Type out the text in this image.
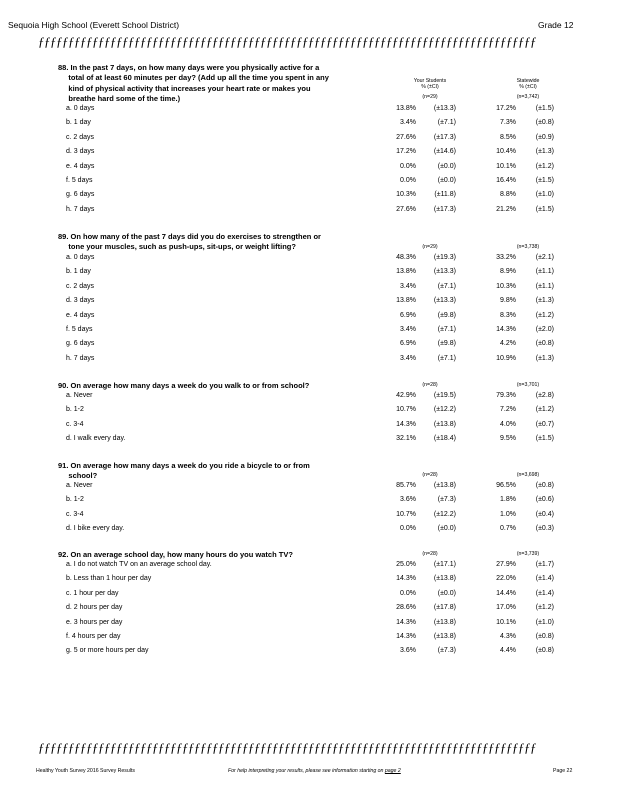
Sequoia High School (Everett School District)	Grade 12
ƒƒƒƒƒƒƒƒƒƒƒƒƒƒƒƒƒƒƒƒƒƒƒƒƒƒƒƒƒƒƒƒƒƒƒƒƒƒƒƒƒƒƒƒƒƒƒƒƒƒƒƒƒƒƒƒƒƒƒƒƒƒƒƒƒƒƒƒƒƒƒƒƒƒƒƒƒƒƒƒƒƒƒ
Your Students
% (±CI)
Statewide
% (±CI)
88. In the past 7 days, on how many days were you physically active for a
total of at least 60 minutes per day? (Add up all the time you spent in any
kind of physical activity that increases your heart rate or makes you
breathe hard some of the time.)	(n=29)	(n=3,742)
a. 0 days	13.8%	(±13.3)	17.2%	(±1.5)
b. 1 day	3.4%	(±7.1)	7.3%	(±0.8)
c. 2 days	27.6%	(±17.3)	8.5%	(±0.9)
d. 3 days	17.2%	(±14.6)	10.4%	(±1.3)
e. 4 days	0.0%	(±0.0)	10.1%	(±1.2)
f. 5 days	0.0%	(±0.0)	16.4%	(±1.5)
g. 6 days	10.3%	(±11.8)	8.8%	(±1.0)
h. 7 days	27.6%	(±17.3)	21.2%	(±1.5)
89. On how many of the past 7 days did you do exercises to strengthen or
tone your muscles, such as push-ups, sit-ups, or weight lifting?	(n=29)	(n=3,738)
a. 0 days	48.3%	(±19.3)	33.2%	(±2.1)
b. 1 day	13.8%	(±13.3)	8.9%	(±1.1)
c. 2 days	3.4%	(±7.1)	10.3%	(±1.1)
d. 3 days	13.8%	(±13.3)	9.8%	(±1.3)
e. 4 days	6.9%	(±9.8)	8.3%	(±1.2)
f. 5 days	3.4%	(±7.1)	14.3%	(±2.0)
g. 6 days	6.9%	(±9.8)	4.2%	(±0.8)
h. 7 days	3.4%	(±7.1)	10.9%	(±1.3)
90. On average how many days a week do you walk to or from school?	(n=28)	(n=3,701)
a. Never	42.9%	(±19.5)	79.3%	(±2.8)
b. 1-2	10.7%	(±12.2)	7.2%	(±1.2)
c. 3-4	14.3%	(±13.8)	4.0%	(±0.7)
d. I walk every day.	32.1%	(±18.4)	9.5%	(±1.5)
91. On average how many days a week do you ride a bicycle to or from
school?	(n=28)	(n=3,698)
a. Never	85.7%	(±13.8)	96.5%	(±0.8)
b. 1-2	3.6%	(±7.3)	1.8%	(±0.6)
c. 3-4	10.7%	(±12.2)	1.0%	(±0.4)
d. I bike every day.	0.0%	(±0.0)	0.7%	(±0.3)
92. On an average school day, how many hours do you watch TV?	(n=28)	(n=3,739)
a. I do not watch TV on an average school day.	25.0%	(±17.1)	27.9%	(±1.7)
b. Less than 1 hour per day	14.3%	(±13.8)	22.0%	(±1.4)
c. 1 hour per day	0.0%	(±0.0)	14.4%	(±1.4)
d. 2 hours per day	28.6%	(±17.8)	17.0%	(±1.2)
e. 3 hours per day	14.3%	(±13.8)	10.1%	(±1.0)
f. 4 hours per day	14.3%	(±13.8)	4.3%	(±0.8)
g. 5 or more hours per day	3.6%	(±7.3)	4.4%	(±0.8)
ƒƒƒƒƒƒƒƒƒƒƒƒƒƒƒƒƒƒƒƒƒƒƒƒƒƒƒƒƒƒƒƒƒƒƒƒƒƒƒƒƒƒƒƒƒƒƒƒƒƒƒƒƒƒƒƒƒƒƒƒƒƒƒƒƒƒƒƒƒƒƒƒƒƒƒƒƒƒƒƒƒƒƒ
Healthy Youth Survey 2016 Survey Results	For help interpreting your results, please see information starting on page 2	Page 22
